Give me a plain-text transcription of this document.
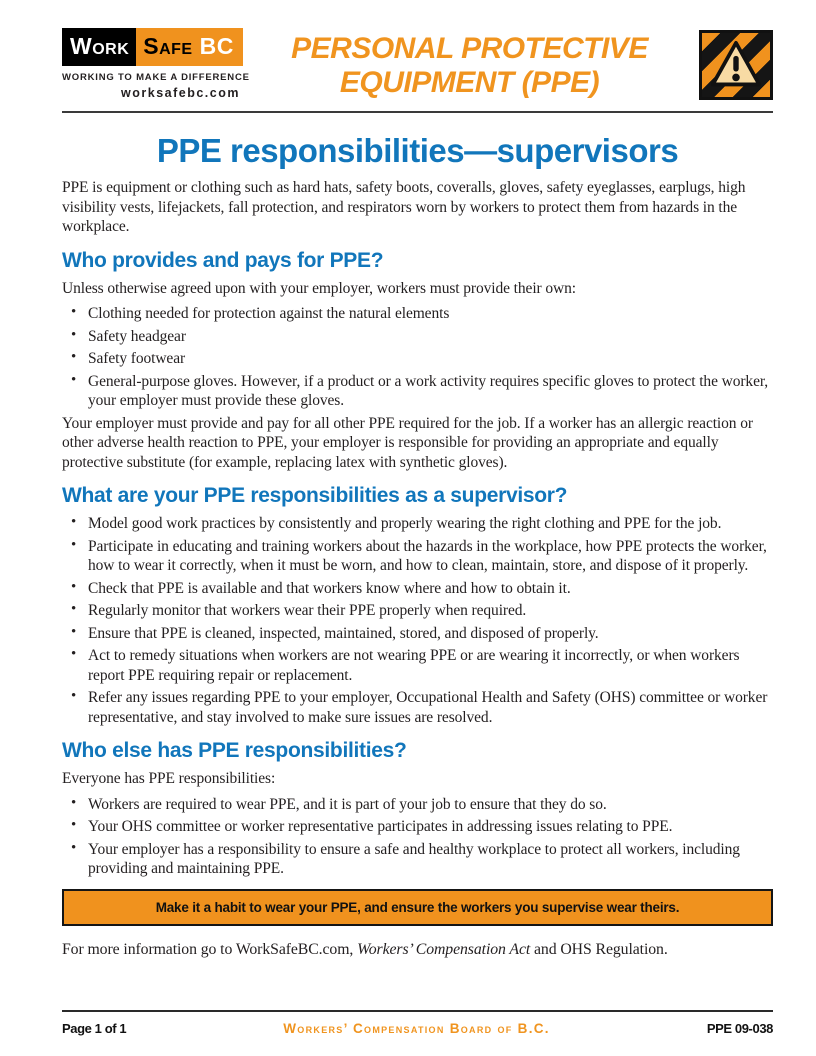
Work Safe BC
WORKING TO MAKE A DIFFERENCE
worksafebc.com
PERSONAL PROTECTIVE
EQUIPMENT (PPE)
PPE responsibilities—supervisors

PPE is equipment or clothing such as hard hats, safety boots, coveralls, gloves, safety eyeglasses, earplugs, high visibility vests, lifejackets, fall protection, and respirators worn by workers to protect them from hazards in the workplace.

Who provides and pays for PPE?

Unless otherwise agreed upon with your employer, workers must provide their own:

• Clothing needed for protection against the natural elements
• Safety headgear
• Safety footwear
• General-purpose gloves. However, if a product or a work activity requires specific gloves to protect the worker, your employer must provide these gloves.

Your employer must provide and pay for all other PPE required for the job. If a worker has an allergic reaction or other adverse health reaction to PPE, your employer is responsible for providing an appropriate and equally protective substitute (for example, replacing latex with synthetic gloves).

What are your PPE responsibilities as a supervisor?
• Model good work practices by consistently and properly wearing the right clothing and PPE for the job.
• Participate in educating and training workers about the hazards in the workplace, how PPE protects the worker, how to wear it correctly, when it must be worn, and how to clean, maintain, store, and dispose of it properly.
• Check that PPE is available and that workers know where and how to obtain it.
• Regularly monitor that workers wear their PPE properly when required.
• Ensure that PPE is cleaned, inspected, maintained, stored, and disposed of properly.
• Act to remedy situations when workers are not wearing PPE or are wearing it incorrectly, or when workers report PPE requiring repair or replacement.
• Refer any issues regarding PPE to your employer, Occupational Health and Safety (OHS) committee or worker representative, and stay involved to make sure issues are resolved.
Who else has PPE responsibilities?

Everyone has PPE responsibilities:

• Workers are required to wear PPE, and it is part of your job to ensure that they do so.
• Your OHS committee or worker representative participates in addressing issues relating to PPE.
• Your employer has a responsibility to ensure a safe and healthy workplace to protect all workers, including providing and maintaining PPE.
Make it a habit to wear your PPE, and ensure the workers you supervise wear theirs.

For more information go to WorkSafeBC.com, Workers’ Compensation Act and OHS Regulation.

Page 1 of 1	Workers’ Compensation Board of B.C.	PPE 09-038
